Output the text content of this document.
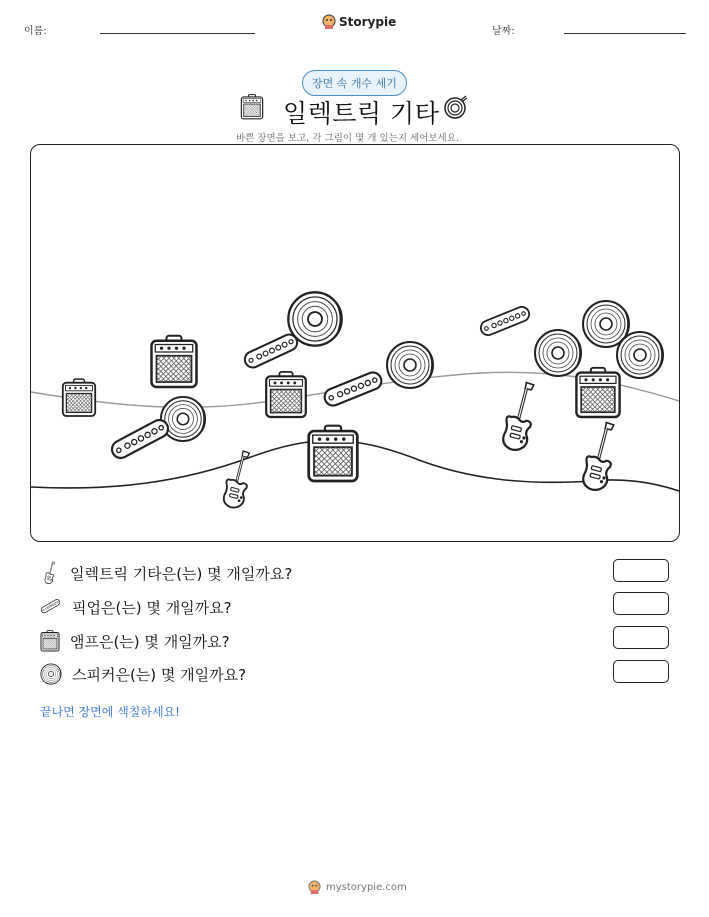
이름:
Storypie
날짜:
장면 속 개수 세기
일렉트릭 기타
바쁜 장면을 보고, 각 그림이 몇 개 있는지 세어보세요.
일렉트릭 기타은(는) 몇 개일까요?
픽업은(는) 몇 개일까요?
앰프은(는) 몇 개일까요?
스피커은(는) 몇 개일까요?
끝나면 장면에 색칠하세요!
mystorypie.com
